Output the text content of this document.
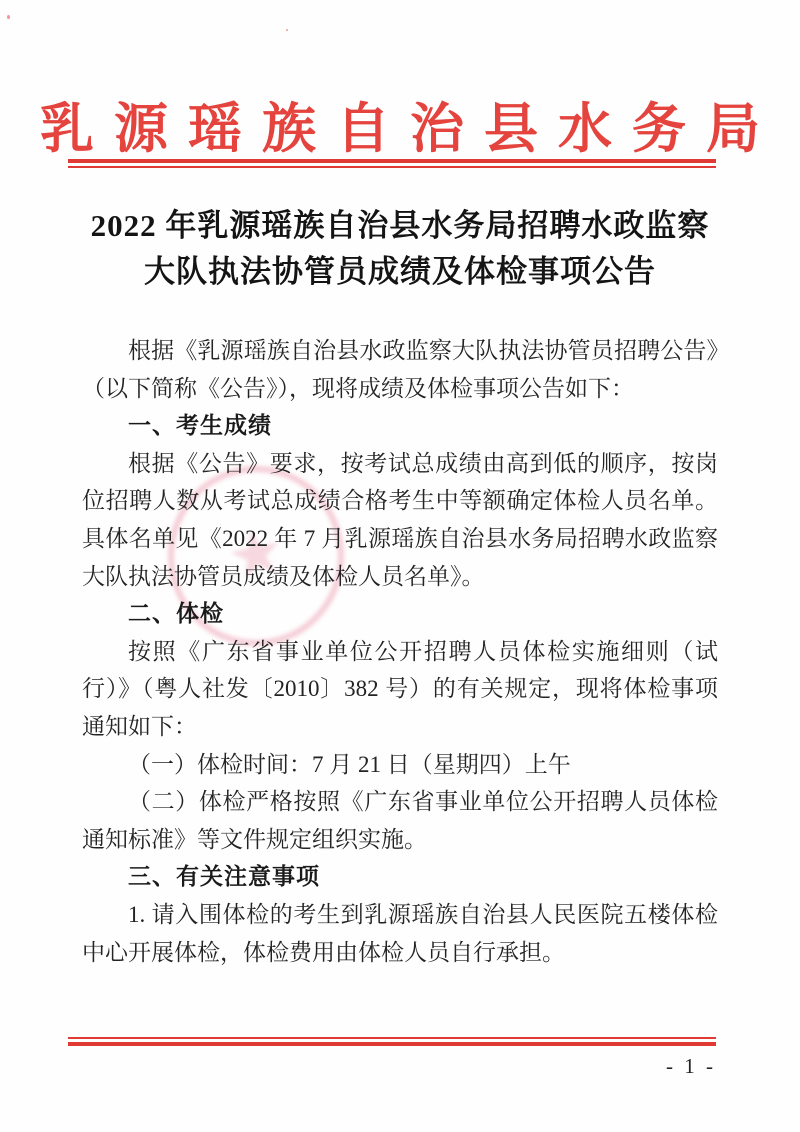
乳源瑶族自治县水务局
2022 年乳源瑶族自治县水务局招聘水政监察
大队执法协管员成绩及体检事项公告
★

根据《乳源瑶族自治县水政监察大队执法协管员招聘公告》（以下简称《公告》），现将成绩及体检事项公告如下：

一、考生成绩

根据《公告》要求，按考试总成绩由高到低的顺序，按岗位招聘人数从考试总成绩合格考生中等额确定体检人员名单。具体名单见《2022 年 7 月乳源瑶族自治县水务局招聘水政监察大队执法协管员成绩及体检人员名单》。

二、体检

按照《广东省事业单位公开招聘人员体检实施细则（试行）》（粤人社发〔2010〕382 号）的有关规定，现将体检事项通知如下：

（一）体检时间：7 月 21 日（星期四）上午

（二）体检严格按照《广东省事业单位公开招聘人员体检通知标准》等文件规定组织实施。

三、有关注意事项

1. 请入围体检的考生到乳源瑶族自治县人民医院五楼体检中心开展体检，体检费用由体检人员自行承担。

- 1 -
